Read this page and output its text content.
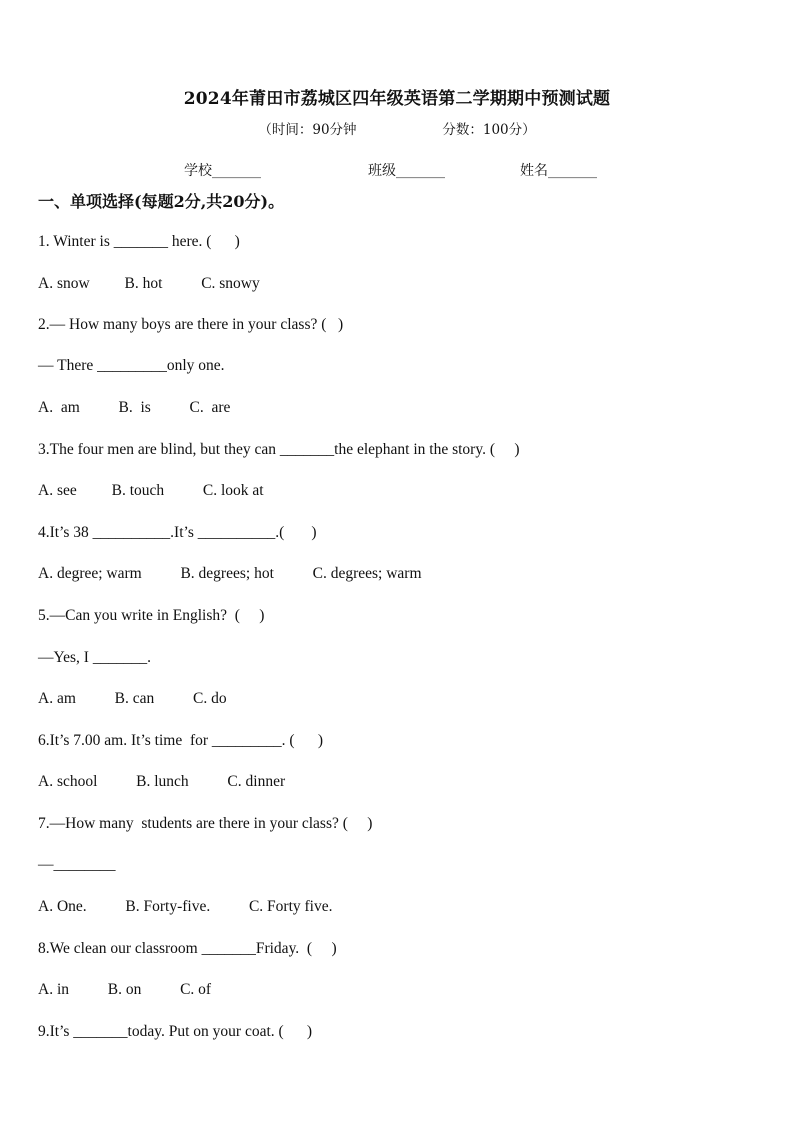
2024年莆田市荔城区四年级英语第二学期期中预测试题
（时间：90分钟                    分数：100分）
学校_______	班级_______	姓名_______
一、单项选择(每题2分,共20分)。
1. Winter is _______ here. (      )
A. snow         B. hot          C. snowy
2.— How many boys are there in your class? (   )
— There _________only one.
A.  am          B.  is          C.  are
3.The four men are blind, but they can _______the elephant in the story. (     )
A. see         B. touch          C. look at
4.It’s 38 __________.It’s __________.(       )
A. degree; warm          B. degrees; hot          C. degrees; warm
5.—Can you write in English?  (     )
—Yes, I _______.
A. am          B. can          C. do
6.It’s 7.00 am. It’s time  for _________. (      )
A. school          B. lunch          C. dinner
7.—How many  students are there in your class? (     )
—________
A. One.          B. Forty-five.          C. Forty five.
8.We clean our classroom _______Friday.  (     )
A. in          B. on          C. of
9.It’s _______today. Put on your coat. (      )
